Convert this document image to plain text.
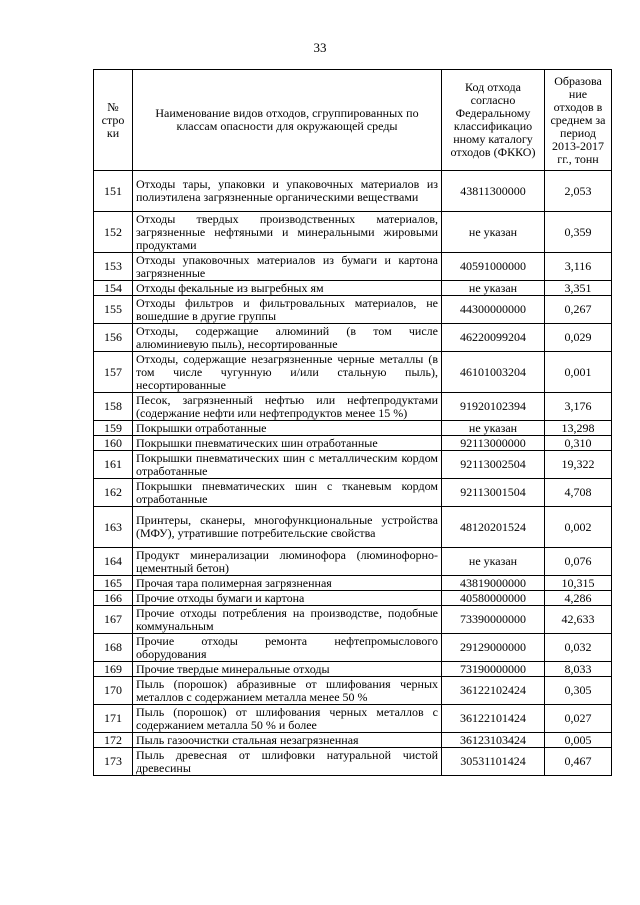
33
№ стро ки	Наименование видов отходов, сгруппированных по классам опасности для окружающей среды	Код отхода согласно Федеральному классификацио нному каталогу отходов (ФККО)	Образова ние отходов в среднем за период 2013-2017 гг., тонн
151	Отходы тары, упаковки и упаковочных материалов из полиэтилена загрязненные органическими веществами	43811300000	2,053
152	Отходы твердых производственных материалов, загрязненные нефтяными и минеральными жировыми продуктами	не указан	0,359
153	Отходы упаковочных материалов из бумаги и картона загрязненные	40591000000	3,116
154	Отходы фекальные из выгребных ям	не указан	3,351
155	Отходы фильтров и фильтровальных материалов, не вошедшие в другие группы	44300000000	0,267
156	Отходы, содержащие алюминий (в том числе алюминиевую пыль), несортированные	46220099204	0,029
157	Отходы, содержащие незагрязненные черные металлы (в том числе чугунную и/или стальную пыль), несортированные	46101003204	0,001
158	Песок, загрязненный нефтью или нефтепродуктами (содержание нефти или нефтепродуктов менее 15 %)	91920102394	3,176
159	Покрышки отработанные	не указан	13,298
160	Покрышки пневматических шин отработанные	92113000000	0,310
161	Покрышки пневматических шин с металлическим кордом отработанные	92113002504	19,322
162	Покрышки пневматических шин с тканевым кордом отработанные	92113001504	4,708
163	Принтеры, сканеры, многофункциональные устройства (МФУ), утратившие потребительские свойства	48120201524	0,002
164	Продукт минерализации люминофора (люминофорно-цементный бетон)	не указан	0,076
165	Прочая тара полимерная загрязненная	43819000000	10,315
166	Прочие отходы бумаги и картона	40580000000	4,286
167	Прочие отходы потребления на производстве, подобные коммунальным	73390000000	42,633
168	Прочие отходы ремонта нефтепромыслового оборудования	29129000000	0,032
169	Прочие твердые минеральные отходы	73190000000	8,033
170	Пыль (порошок) абразивные от шлифования черных металлов с содержанием металла менее 50 %	36122102424	0,305
171	Пыль (порошок) от шлифования черных металлов с содержанием металла 50 % и более	36122101424	0,027
172	Пыль газоочистки стальная незагрязненная	36123103424	0,005
173	Пыль древесная от шлифовки натуральной чистой древесины	30531101424	0,467
